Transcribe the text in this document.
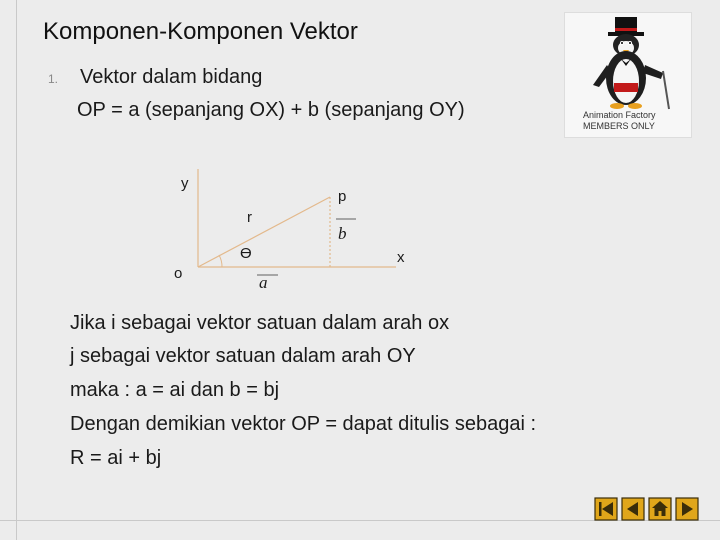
Komponen-Komponen Vektor
1. Vektor dalam bidang
OP = a (sepanjang OX) + b (sepanjang OY)	Animation Factory
MEMBERS ONLY
y
p
r
Ɵ
b
x
o	a
Jika i sebagai vektor satuan dalam arah ox
j sebagai vektor satuan dalam arah OY
maka : a = ai dan b = bj
Dengan demikian vektor OP = dapat ditulis sebagai :
R = ai + bj
